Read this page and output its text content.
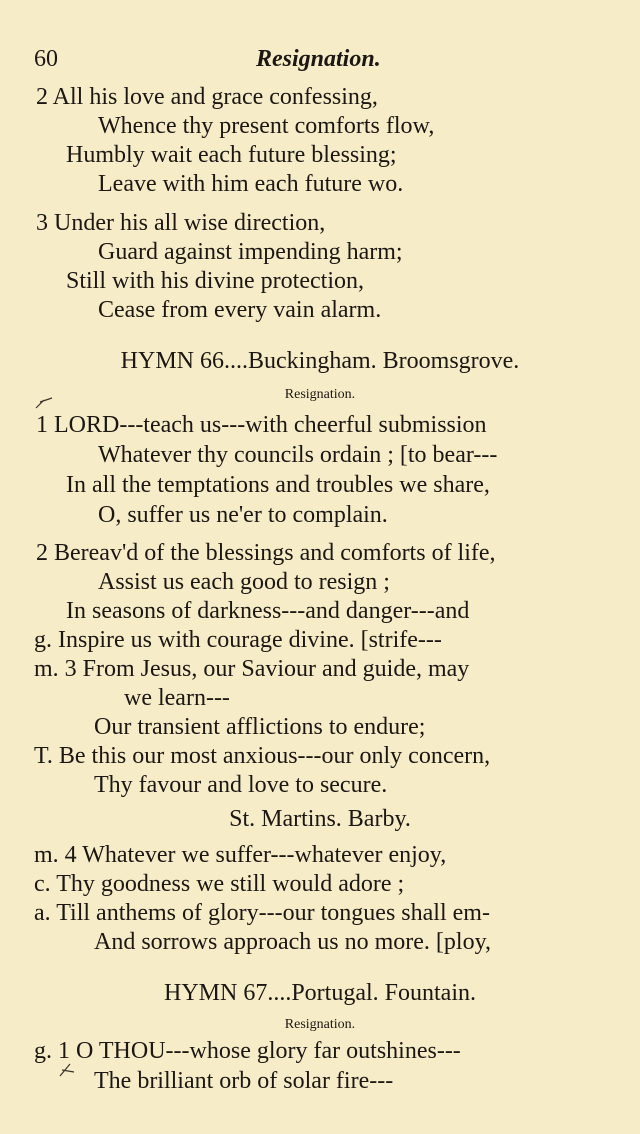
60	Resignation.
2 All his love and grace confessing,
Whence thy present comforts flow,
Humbly wait each future blessing;
Leave with him each future wo.
3 Under his all wise direction,
Guard against impending harm;
Still with his divine protection,
Cease from every vain alarm.
HYMN 66....Buckingham. Broomsgrove.
Resignation.
1 LORD---teach us---with cheerful submission
Whatever thy councils ordain ; [to bear---
In all the temptations and troubles we share,
O, suffer us ne'er to complain.
2 Bereav'd of the blessings and comforts of life,
Assist us each good to resign ;
In seasons of darkness---and danger---and
g. Inspire us with courage divine. [strife---
m. 3 From Jesus, our Saviour and guide, may
we learn---
Our transient afflictions to endure;
T. Be this our most anxious---our only concern,
Thy favour and love to secure.
St. Martins. Barby.
m. 4 Whatever we suffer---whatever enjoy,
c. Thy goodness we still would adore ;
a. Till anthems of glory---our tongues shall em-
And sorrows approach us no more. [ploy,
HYMN 67....Portugal. Fountain.
Resignation.
g. 1 O THOU---whose glory far outshines---
The brilliant orb of solar fire---
